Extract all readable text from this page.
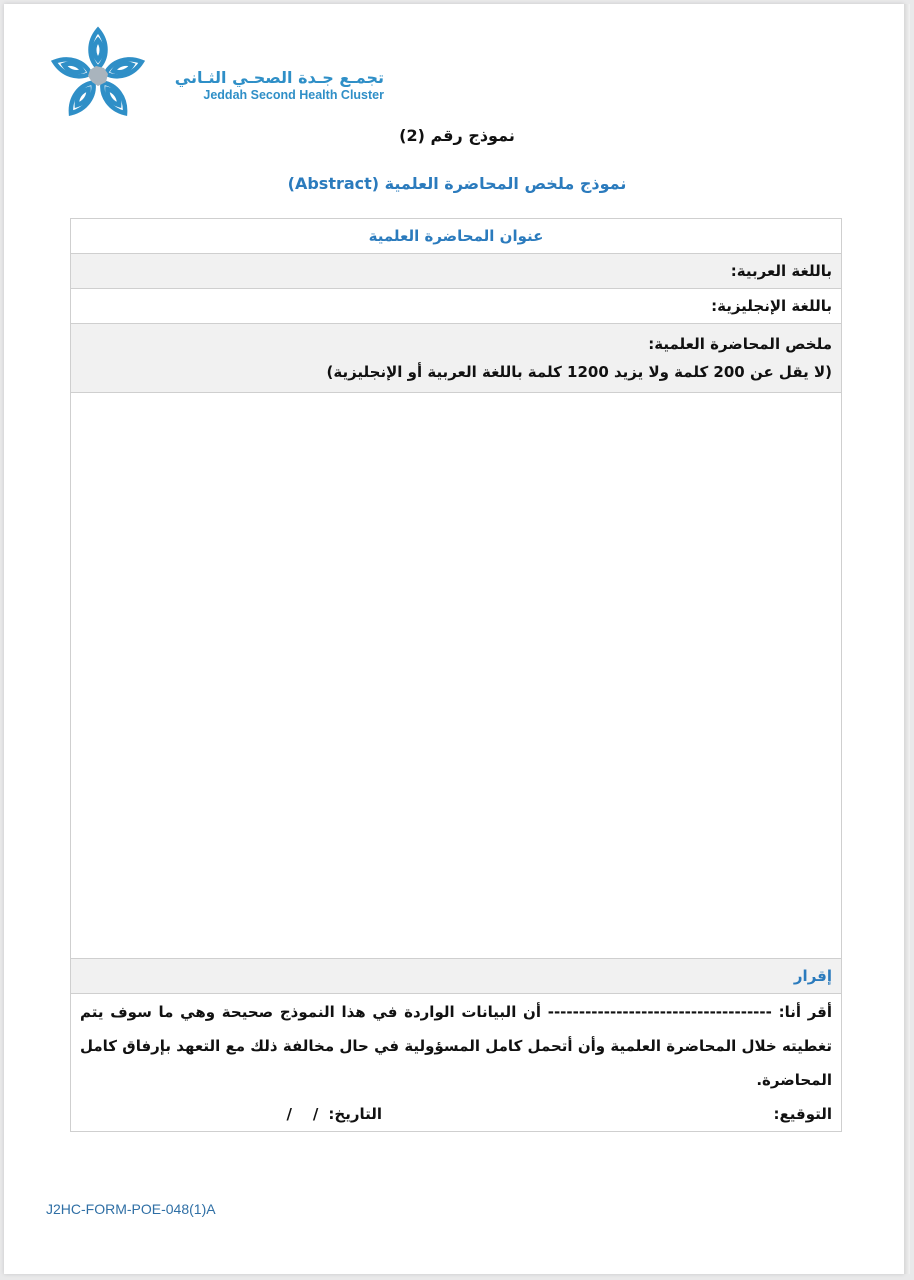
تجمـع جـدة الصحـي الثـاني
Jeddah Second Health Cluster
نموذج رقم (2)
نموذج ملخص المحاضرة العلمية (Abstract)
عنوان المحاضرة العلمية
باللغة العربية:
باللغة الإنجليزية:

ملخص المحاضرة العلمية:
(لا يقل عن 200 كلمة ولا يزيد 1200 كلمة باللغة العربية أو الإنجليزية)

إقرار

أقر أنا: ------------------------------------ أن البيانات الواردة في هذا النموذج صحيحة وهي ما سوف يتم تغطيته خلال المحاضرة العلمية وأن أتحمل كامل المسؤولية في حال مخالفة ذلك مع التعهد بإرفاق كامل المحاضرة.
التوقيع:
التاريخ:
/    /
J2HC-FORM-POE-048(1)A
